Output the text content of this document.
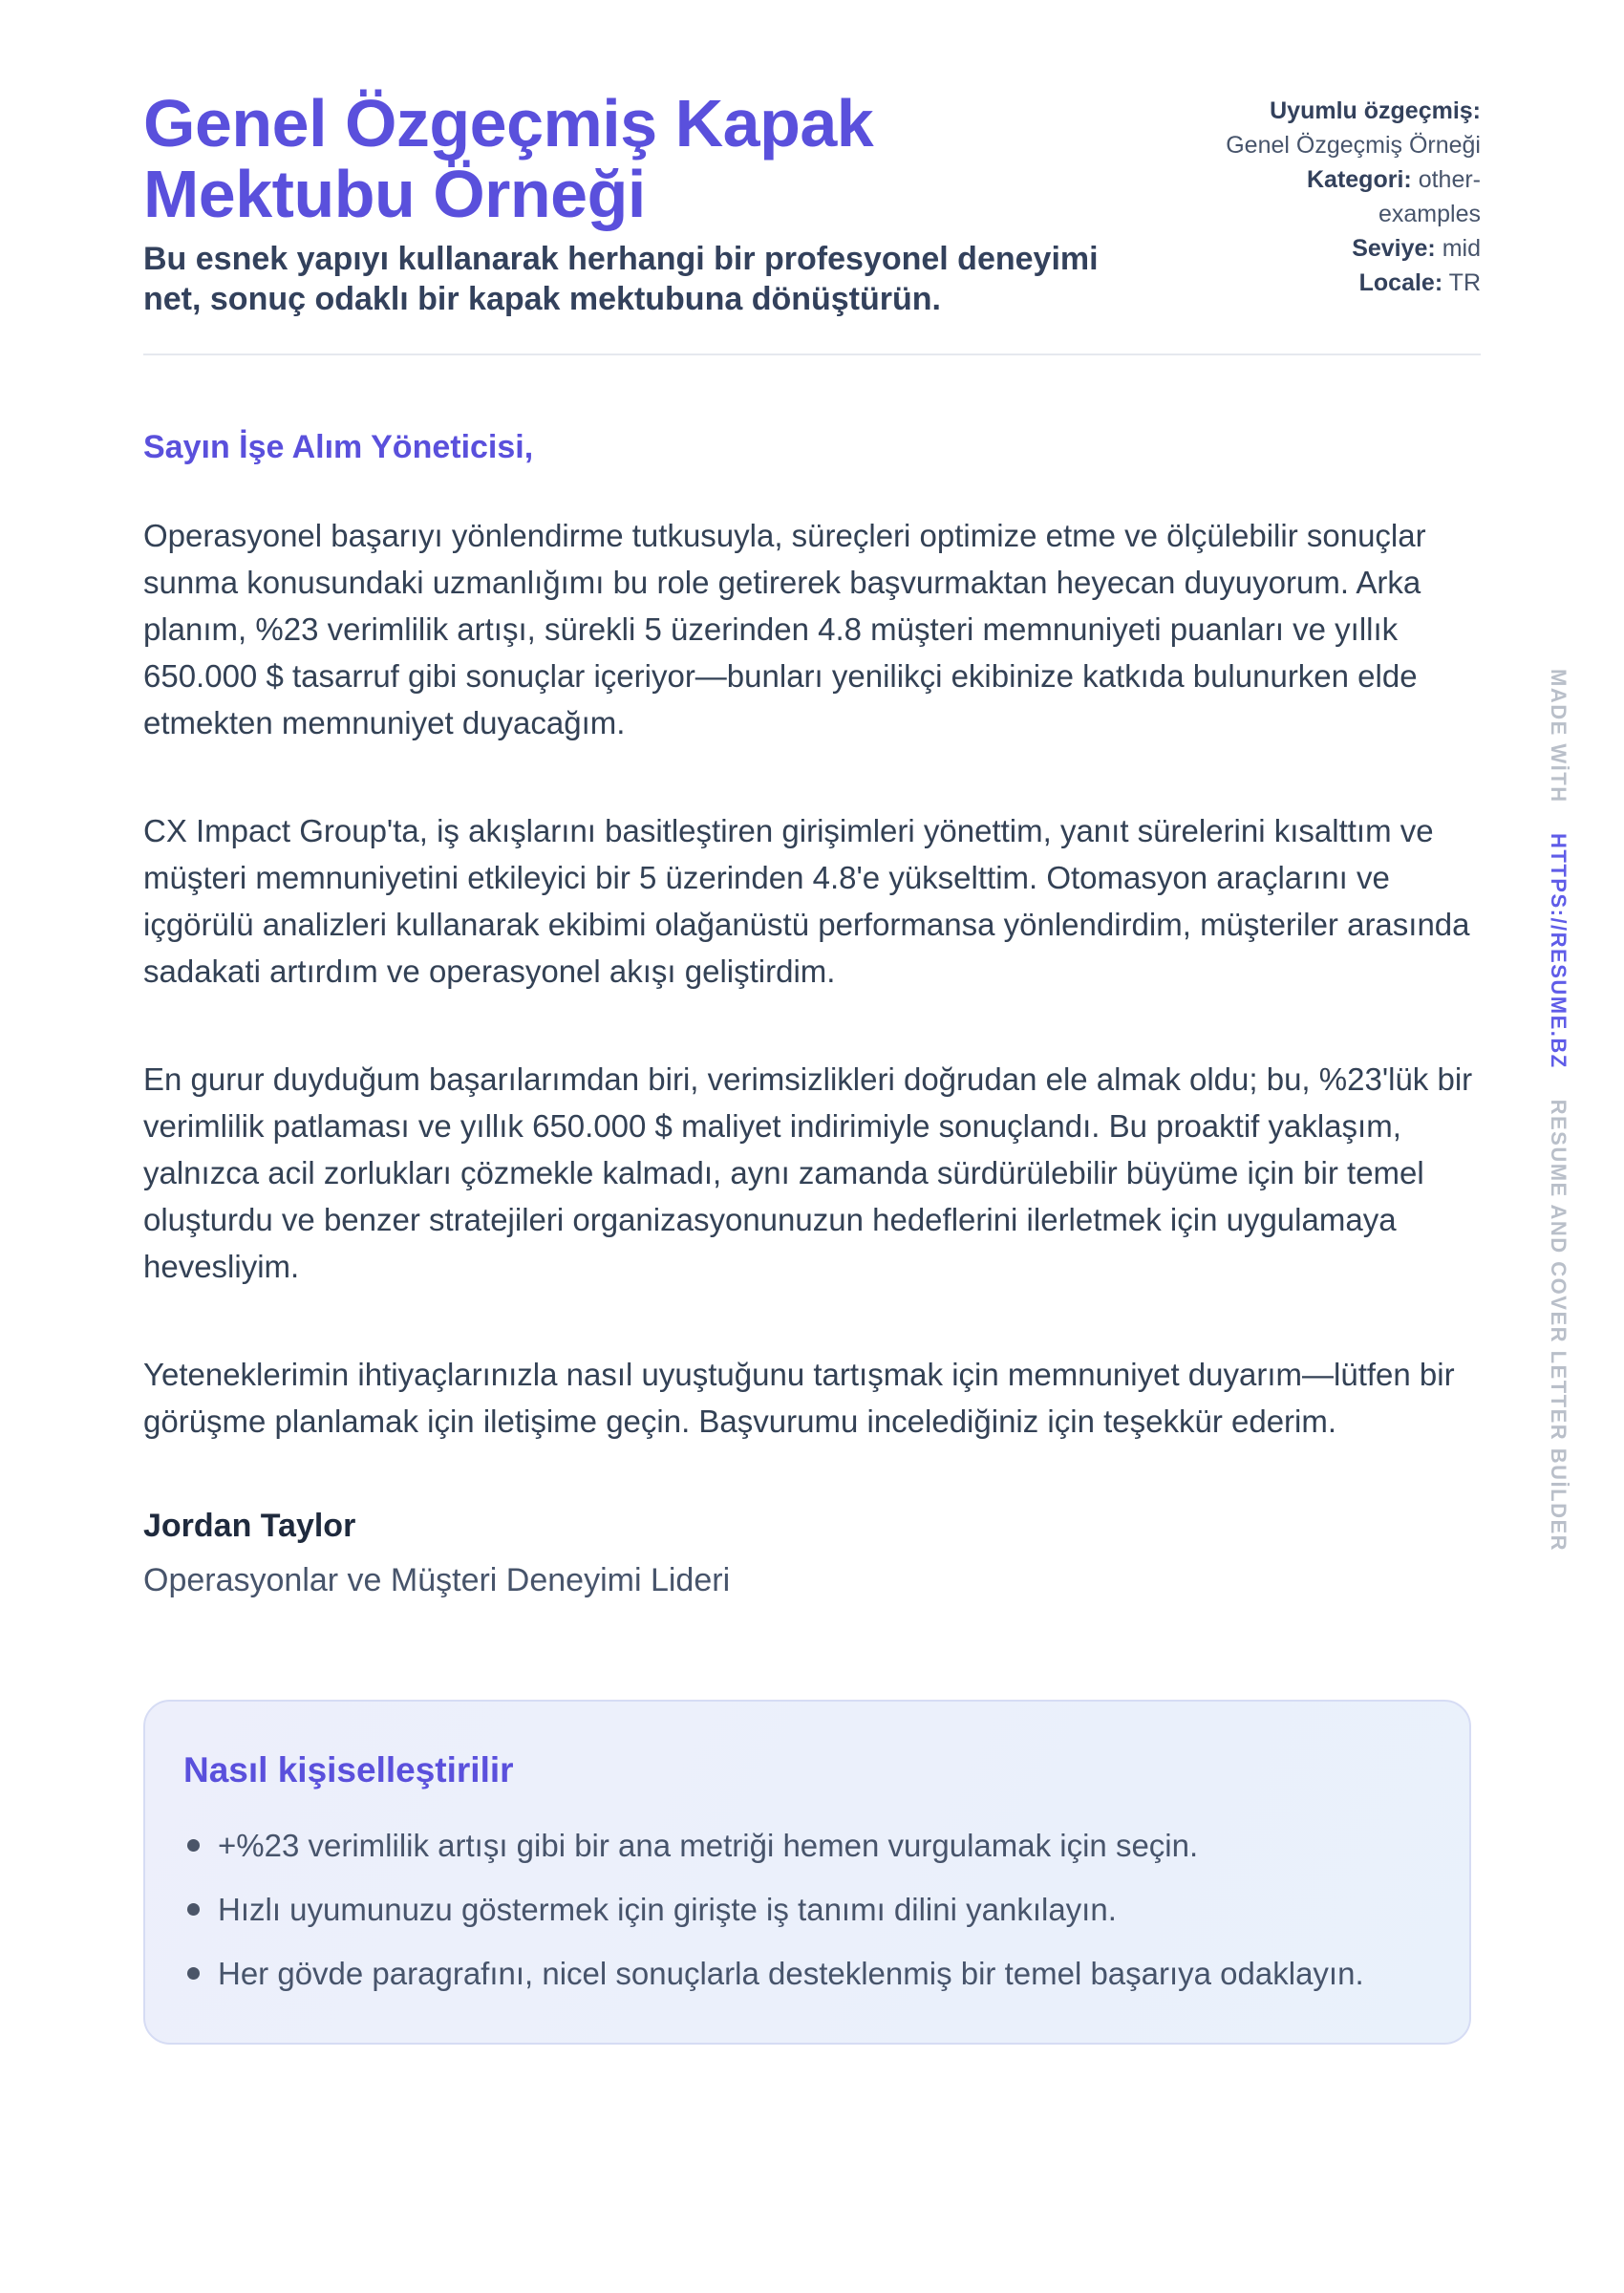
Genel Özgeçmiş Kapak Mektubu Örneği

Bu esnek yapıyı kullanarak herhangi bir profesyonel deneyimi net, sonuç odaklı bir kapak mektubuna dönüştürün.

Uyumlu özgeçmiş:
Genel Özgeçmiş Örneği
Kategori: other-examples
Seviye: mid
Locale: TR

Sayın İşe Alım Yöneticisi,

Operasyonel başarıyı yönlendirme tutkusuyla, süreçleri optimize etme ve ölçülebilir sonuçlar sunma konusundaki uzmanlığımı bu role getirerek başvurmaktan heyecan duyuyorum. Arka planım, %23 verimlilik artışı, sürekli 5 üzerinden 4.8 müşteri memnuniyeti puanları ve yıllık 650.000 $ tasarruf gibi sonuçlar içeriyor—bunları yenilikçi ekibinize katkıda bulunurken elde etmekten memnuniyet duyacağım.

CX Impact Group'ta, iş akışlarını basitleştiren girişimleri yönettim, yanıt sürelerini kısalttım ve müşteri memnuniyetini etkileyici bir 5 üzerinden 4.8'e yükselttim. Otomasyon araçlarını ve içgörülü analizleri kullanarak ekibimi olağanüstü performansa yönlendirdim, müşteriler arasında sadakati artırdım ve operasyonel akışı geliştirdim.

En gurur duyduğum başarılarımdan biri, verimsizlikleri doğrudan ele almak oldu; bu, %23'lük bir verimlilik patlaması ve yıllık 650.000 $ maliyet indirimiyle sonuçlandı. Bu proaktif yaklaşım, yalnızca acil zorlukları çözmekle kalmadı, aynı zamanda sürdürülebilir büyüme için bir temel oluşturdu ve benzer stratejileri organizasyonunuzun hedeflerini ilerletmek için uygulamaya hevesliyim.

Yeteneklerimin ihtiyaçlarınızla nasıl uyuştuğunu tartışmak için memnuniyet duyarım—lütfen bir görüşme planlamak için iletişime geçin. Başvurumu incelediğiniz için teşekkür ederim.

Jordan Taylor

Operasyonlar ve Müşteri Deneyimi Lideri

Nasıl kişiselleştirilir
+%23 verimlilik artışı gibi bir ana metriği hemen vurgulamak için seçin.
Hızlı uyumunuzu göstermek için girişte iş tanımı dilini yankılayın.
Her gövde paragrafını, nicel sonuçlarla desteklenmiş bir temel başarıya odaklayın.
MADE WİTH HTTPS://RESUME.BZ RESUME AND COVER LETTER BUİLDER
